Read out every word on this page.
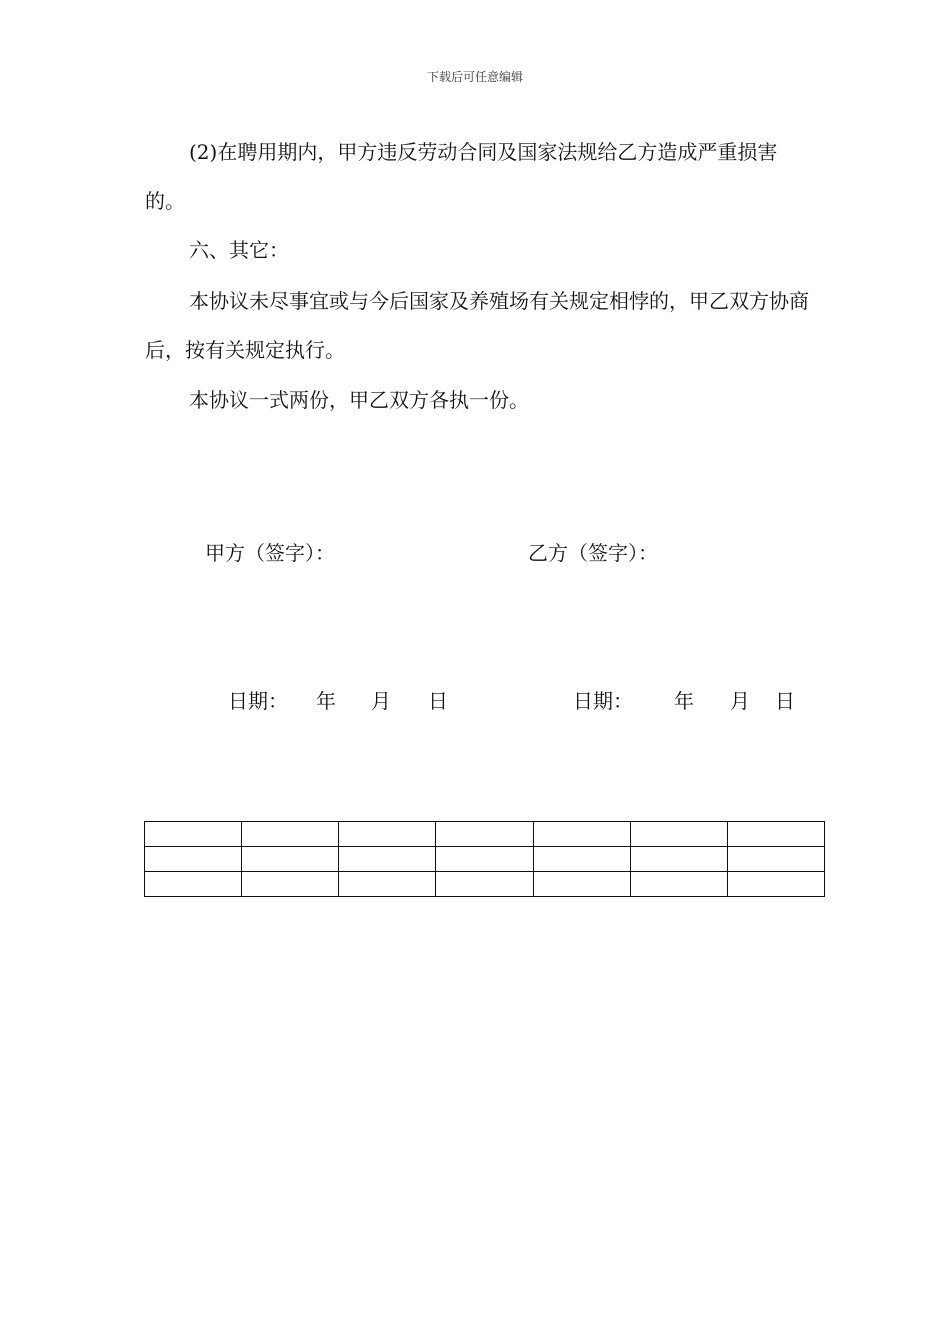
下载后可任意编辑

(2)在聘用期内，甲方违反劳动合同及国家法规给乙方造成严重损害的。

六、其它：

本协议未尽事宜或与今后国家及养殖场有关规定相悖的，甲乙双方协商后，按有关规定执行。

本协议一式两份，甲乙双方各执一份。

甲方（签字）：	乙方（签字）：
日期： 年 月 日	日期： 年 月 日
